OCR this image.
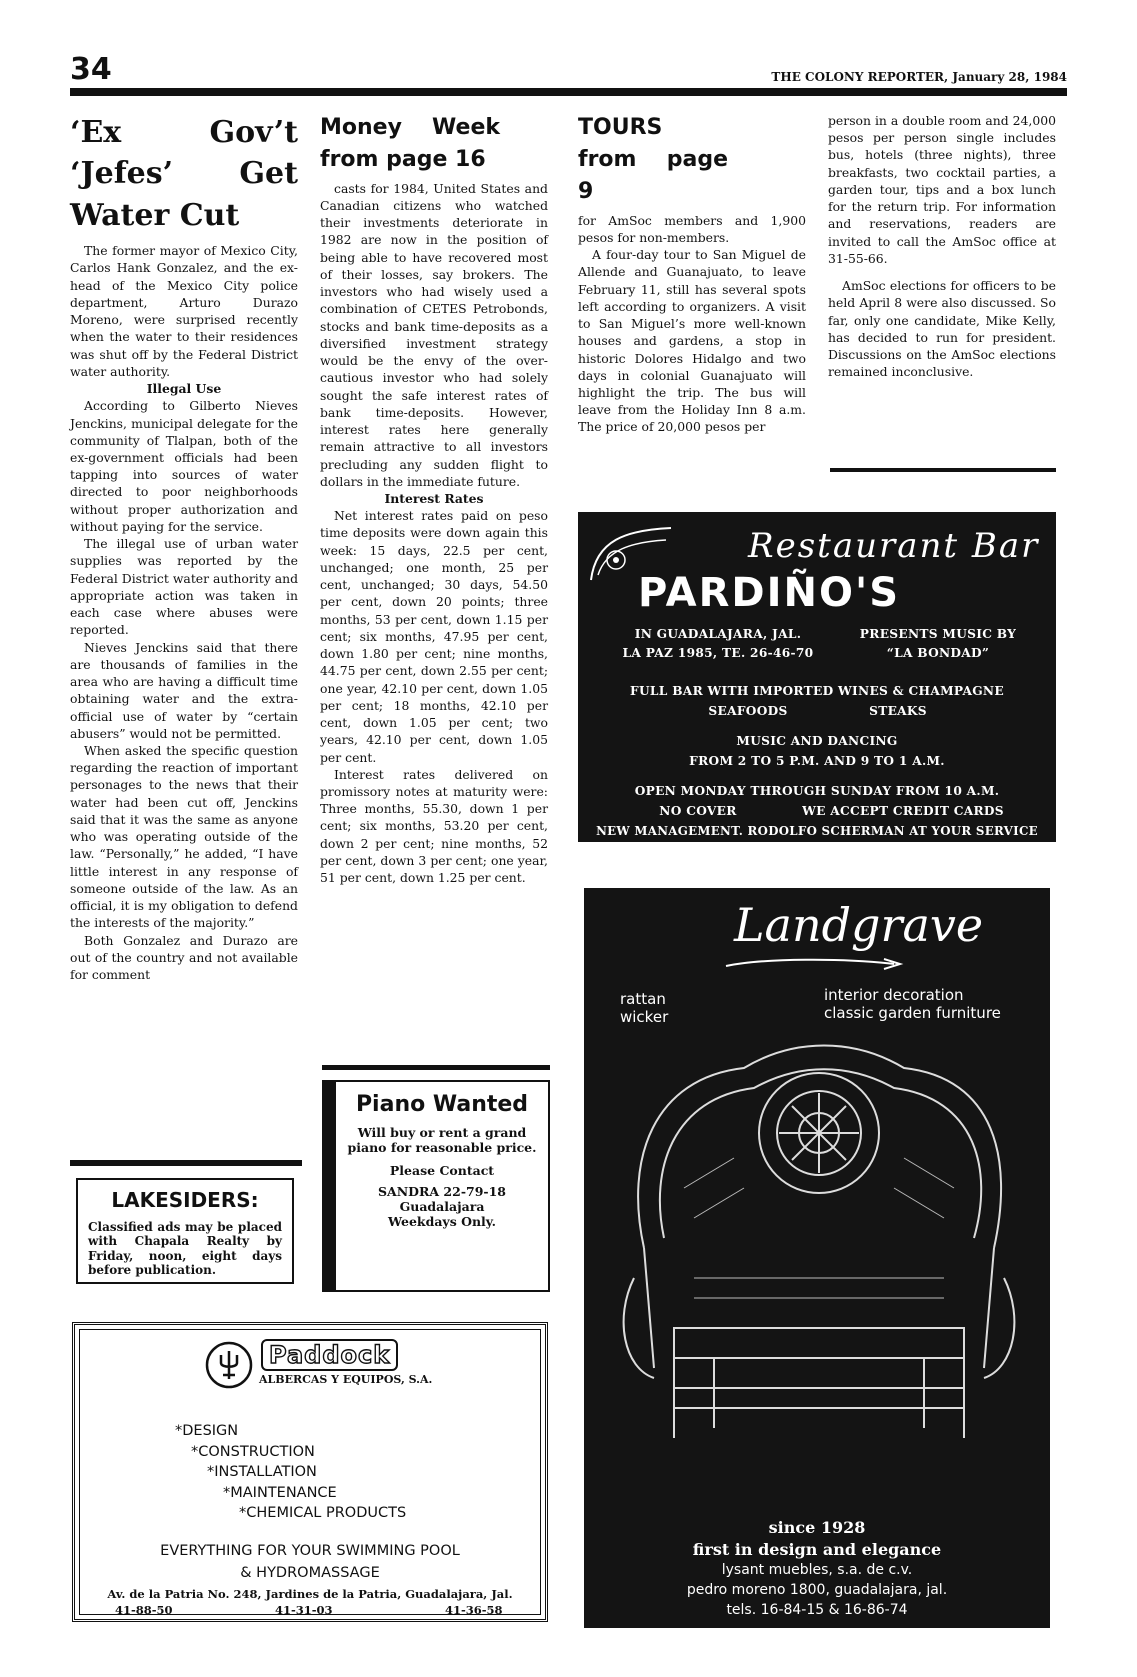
34	THE COLONY REPORTER, January 28, 1984
‘Ex Gov’t ‘Jefes’ Get Water Cut

The former mayor of Mexico City, Carlos Hank Gonzalez, and the ex-head of the Mexico City police department, Arturo Durazo Moreno, were surprised recently when the water to their residences was shut off by the Federal District water authority.

Illegal Use

According to Gilberto Nieves Jenckins, municipal delegate for the community of Tlalpan, both of the ex-government officials had been tapping into sources of water directed to poor neighborhoods without proper authorization and without paying for the service.

The illegal use of urban water supplies was reported by the Federal District water authority and appropriate action was taken in each case where abuses were reported.

Nieves Jenckins said that there are thousands of families in the area who are having a difficult time obtaining water and the extra-official use of water by “certain abusers” would not be permitted.

When asked the specific question regarding the reaction of important personages to the news that their water had been cut off, Jenckins said that it was the same as anyone who was operating outside of the law. “Personally,” he added, “I have little interest in any response of someone outside of the law. As an official, it is my obligation to defend the interests of the majority.”

Both Gonzalez and Durazo are out of the country and not available for comment

LAKESIDERS:
Classified ads may be placed with Chapala Realty by Friday, noon, eight days before publication.
Money Week from page 16

casts for 1984, United States and Canadian citizens who watched their investments deteriorate in 1982 are now in the position of being able to have recovered most of their losses, say brokers. The investors who had wisely used a combination of CETES Petrobonds, stocks and bank time-deposits as a diversified investment strategy would be the envy of the over-cautious investor who had solely sought the safe interest rates of bank time-deposits. However, interest rates here generally remain attractive to all investors precluding any sudden flight to dollars in the immediate future.

Interest Rates

Net interest rates paid on peso time deposits were down again this week: 15 days, 22.5 per cent, unchanged; one month, 25 per cent, unchanged; 30 days, 54.50 per cent, down 20 points; three months, 53 per cent, down 1.15 per cent; six months, 47.95 per cent, down 1.80 per cent; nine months, 44.75 per cent, down 2.55 per cent; one year, 42.10 per cent, down 1.05 per cent; 18 months, 42.10 per cent, down 1.05 per cent; two years, 42.10 per cent, down 1.05 per cent.

Interest rates delivered on promissory notes at maturity were: Three months, 55.30, down 1 per cent; six months, 53.20 per cent, down 2 per cent; nine months, 52 per cent, down 3 per cent; one year, 51 per cent, down 1.25 per cent.

Piano Wanted
Will buy or rent a grand piano for reasonable price.
Please Contact
SANDRA 22-79-18
Guadalajara
Weekdays Only.
TOURS from page 9

for AmSoc members and 1,900 pesos for non-members.

A four-day tour to San Miguel de Allende and Guanajuato, to leave February 11, still has several spots left according to organizers. A visit to San Miguel’s more well-known houses and gardens, a stop in historic Dolores Hidalgo and two days in colonial Guanajuato will highlight the trip. The bus will leave from the Holiday Inn 8 a.m. The price of 20,000 pesos per

person in a double room and 24,000 pesos per person single includes bus, hotels (three nights), three breakfasts, two cocktail parties, a garden tour, tips and a box lunch for the return trip. For information and reservations, readers are invited to call the AmSoc office at 31-55-66.

AmSoc elections for officers to be held April 8 were also discussed. So far, only one candidate, Mike Kelly, has decided to run for president. Discussions on the AmSoc elections remained inconclusive.

Restaurant Bar
PARDIÑO'S
IN GUADALAJARA, JAL.
LA PAZ 1985, TE. 26-46-70
PRESENTS MUSIC BY
“LA BONDAD”
FULL BAR WITH IMPORTED WINES & CHAMPAGNE
SEAFOODS	STEAKS
MUSIC AND DANCING
FROM 2 TO 5 P.M. AND 9 TO 1 A.M.
OPEN MONDAY THROUGH SUNDAY FROM 10 A.M.
NO COVER	WE ACCEPT CREDIT CARDS
NEW MANAGEMENT. RODOLFO SCHERMAN AT YOUR SERVICE
Landgrave
rattan
wicker
interior decoration
classic garden furniture
since 1928
first in design and elegance
lysant muebles, s.a. de c.v.
pedro moreno 1800, guadalajara, jal.
tels. 16-84-15 & 16-86-74
Paddock
ALBERCAS Y EQUIPOS, S.A.
*DESIGN
*CONSTRUCTION
*INSTALLATION
*MAINTENANCE
*CHEMICAL PRODUCTS
EVERYTHING FOR YOUR SWIMMING POOL
& HYDROMASSAGE
Av. de la Patria No. 248, Jardines de la Patria, Guadalajara, Jal.
41-88-50	41-31-03	41-36-58
